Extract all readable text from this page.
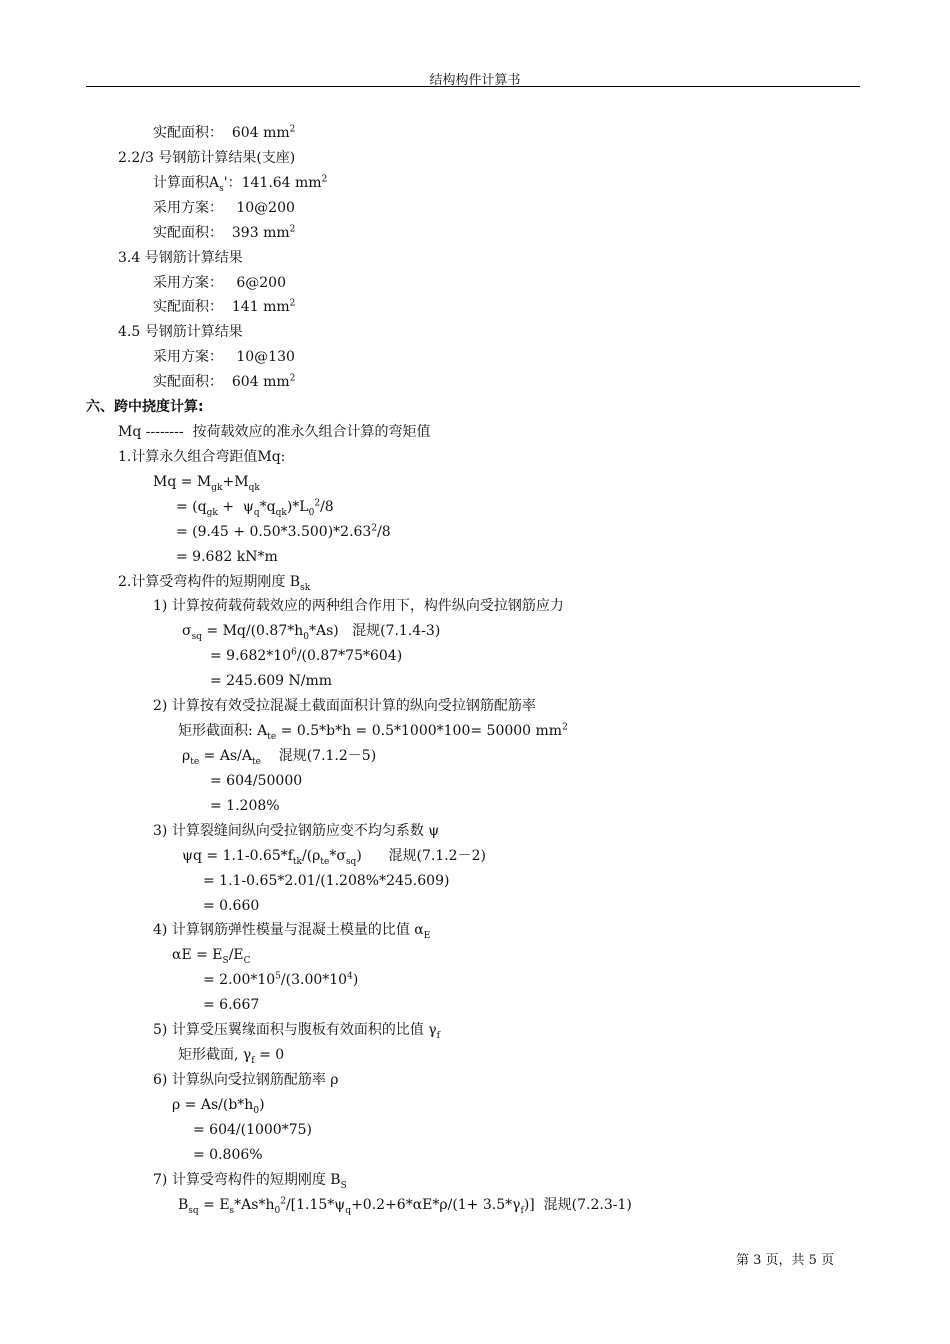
结构构件计算书
实配面积：  604 $mm^2$
2.2/3 号钢筋计算结果(支座)
计算面积$A_s'$：141.64 $mm^2$
采用方案：   10@200
实配面积：  393 $mm^2$
3.4 号钢筋计算结果
采用方案：   6@200
实配面积：  141 $mm^2$
4.5 号钢筋计算结果
采用方案：   10@130
实配面积：  604 $mm^2$
六、跨中挠度计算:
Mq --------  按荷载效应的准永久组合计算的弯矩值
1.计算永久组合弯距值Mq:
$Mq = M_{gk}+M_{qk}$
= $(q_{gk} + \psi_q*q_{qk})*L_0^2/8$
= $(9.45 + 0.50*3.500)*2.63^2/8$
= 9.682 kN*m
2.计算受弯构件的短期刚度 $B_{sk}$
1) 计算按荷载荷载效应的两种组合作用下，构件纵向受拉钢筋应力
$\sigma_{sq} = Mq/(0.87*h_0*As)$   混规(7.1.4-3)
= $9.682*10^6/(0.87*75*604)$
= 245.609 N/mm
2) 计算按有效受拉混凝土截面面积计算的纵向受拉钢筋配筋率
矩形截面积: $A_{te} = 0.5*b*h = 0.5*1000*100= 50000$ $mm^2$
$\rho_{te} = As/A_{te}$    混规(7.1.2－5)
= 604/50000
= 1.208%
3) 计算裂缝间纵向受拉钢筋应变不均匀系数 ψ
$\psi q = 1.1-0.65*f_{tk}/(\rho_{te}*\sigma_{sq})$      混规(7.1.2－2)
= 1.1-0.65*2.01/(1.208%*245.609)
= 0.660
4) 计算钢筋弹性模量与混凝土模量的比值 $\alpha_E$
$\alpha E = E_S/E_C$
= $2.00*10^5/(3.00*10^4)$
= 6.667
5) 计算受压翼缘面积与腹板有效面积的比值 $\gamma_f$
矩形截面, $\gamma_f = 0$
6) 计算纵向受拉钢筋配筋率 ρ
$\rho = As/(b*h_0)$
= 604/(1000*75)
= 0.806%
7) 计算受弯构件的短期刚度 $B_S$
$B_{sq} = E_s*As*h_0^2/[1.15*\psi_q+0.2+6*\alpha E*\rho/(1+ 3.5*\gamma_f)]$  混规(7.2.3-1)
第 3 页，共 5 页
